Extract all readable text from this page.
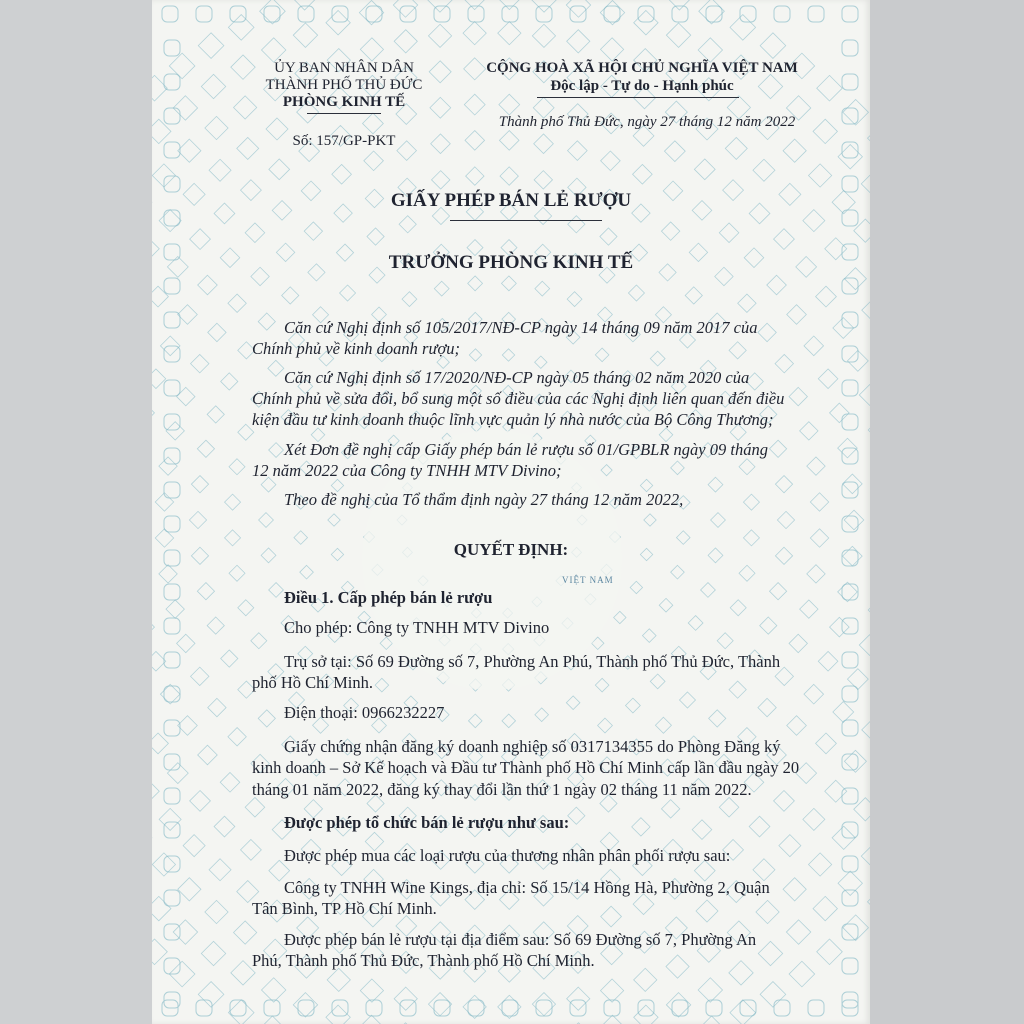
ỦY BAN NHÂN DÂN
THÀNH PHỐ THỦ ĐỨC
PHÒNG KINH TẾ
Số: 157/GP-PKT
CỘNG HOÀ XÃ HỘI CHỦ NGHĨA VIỆT NAM
Độc lập - Tự do - Hạnh phúc
Thành phố Thủ Đức, ngày 27 tháng 12 năm 2022
GIẤY PHÉP BÁN LẺ RƯỢU
TRƯỞNG PHÒNG KINH TẾ
Căn cứ Nghị định số 105/2017/NĐ-CP ngày 14 tháng 09 năm 2017 của
Chính phủ về kinh doanh rượu;
Căn cứ Nghị định số 17/2020/NĐ-CP ngày 05 tháng 02 năm 2020 của
Chính phủ về sửa đổi, bổ sung một số điều của các Nghị định liên quan đến điều
kiện đầu tư kinh doanh thuộc lĩnh vực quản lý nhà nước của Bộ Công Thương;
Xét Đơn đề nghị cấp Giấy phép bán lẻ rượu số 01/GPBLR ngày 09 tháng
12 năm 2022 của Công ty TNHH MTV Divino;
Theo đề nghị của Tổ thẩm định ngày 27 tháng 12 năm 2022,
QUYẾT ĐỊNH:
VIỆT NAM
Điều 1. Cấp phép bán lẻ rượu
Cho phép: Công ty TNHH MTV Divino
Trụ sở tại: Số 69 Đường số 7, Phường An Phú, Thành phố Thủ Đức, Thành
phố Hồ Chí Minh.
Điện thoại: 0966232227
Giấy chứng nhận đăng ký doanh nghiệp số 0317134355 do Phòng Đăng ký
kinh doanh – Sở Kế hoạch và Đầu tư Thành phố Hồ Chí Minh cấp lần đầu ngày 20
tháng 01 năm 2022, đăng ký thay đổi lần thứ 1 ngày 02 tháng 11 năm 2022.
Được phép tổ chức bán lẻ rượu như sau:
Được phép mua các loại rượu của thương nhân phân phối rượu sau:
Công ty TNHH Wine Kings, địa chỉ: Số 15/14 Hồng Hà, Phường 2, Quận
Tân Bình, TP Hồ Chí Minh.
Được phép bán lẻ rượu tại địa điểm sau: Số 69 Đường số 7, Phường An
Phú, Thành phố Thủ Đức, Thành phố Hồ Chí Minh.
